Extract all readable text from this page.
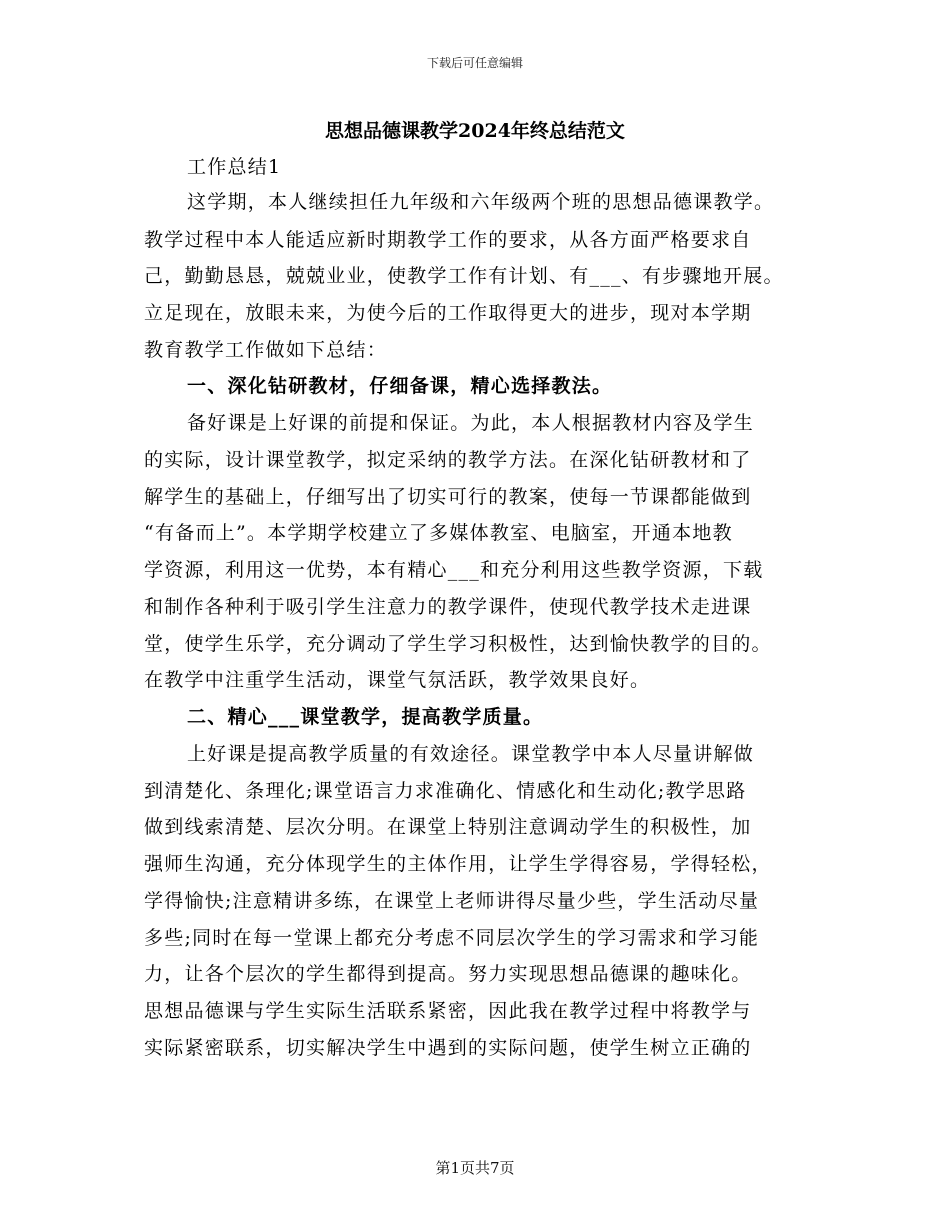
下载后可任意编辑
思想品德课教学2024年终总结范文
工作总结1
这学期，本人继续担任九年级和六年级两个班的思想品德课教学。
教学过程中本人能适应新时期教学工作的要求，从各方面严格要求自
己，勤勤恳恳，兢兢业业，使教学工作有计划、有___、有步骤地开展。
立足现在，放眼未来，为使今后的工作取得更大的进步，现对本学期
教育教学工作做如下总结：
一、深化钻研教材，仔细备课，精心选择教法。
备好课是上好课的前提和保证。为此，本人根据教材内容及学生
的实际，设计课堂教学，拟定采纳的教学方法。在深化钻研教材和了
解学生的基础上，仔细写出了切实可行的教案，使每一节课都能做到
“有备而上”。本学期学校建立了多媒体教室、电脑室，开通本地教
学资源，利用这一优势，本有精心___和充分利用这些教学资源，下载
和制作各种利于吸引学生注意力的教学课件，使现代教学技术走进课
堂，使学生乐学，充分调动了学生学习积极性，达到愉快教学的目的。
在教学中注重学生活动，课堂气氛活跃，教学效果良好。
二、精心___课堂教学，提高教学质量。
上好课是提高教学质量的有效途径。课堂教学中本人尽量讲解做
到清楚化、条理化;课堂语言力求准确化、情感化和生动化;教学思路
做到线索清楚、层次分明。在课堂上特别注意调动学生的积极性，加
强师生沟通，充分体现学生的主体作用，让学生学得容易，学得轻松，
学得愉快;注意精讲多练，在课堂上老师讲得尽量少些，学生活动尽量
多些;同时在每一堂课上都充分考虑不同层次学生的学习需求和学习能
力，让各个层次的学生都得到提高。努力实现思想品德课的趣味化。
思想品德课与学生实际生活联系紧密，因此我在教学过程中将教学与
实际紧密联系，切实解决学生中遇到的实际问题，使学生树立正确的
第1页共7页
